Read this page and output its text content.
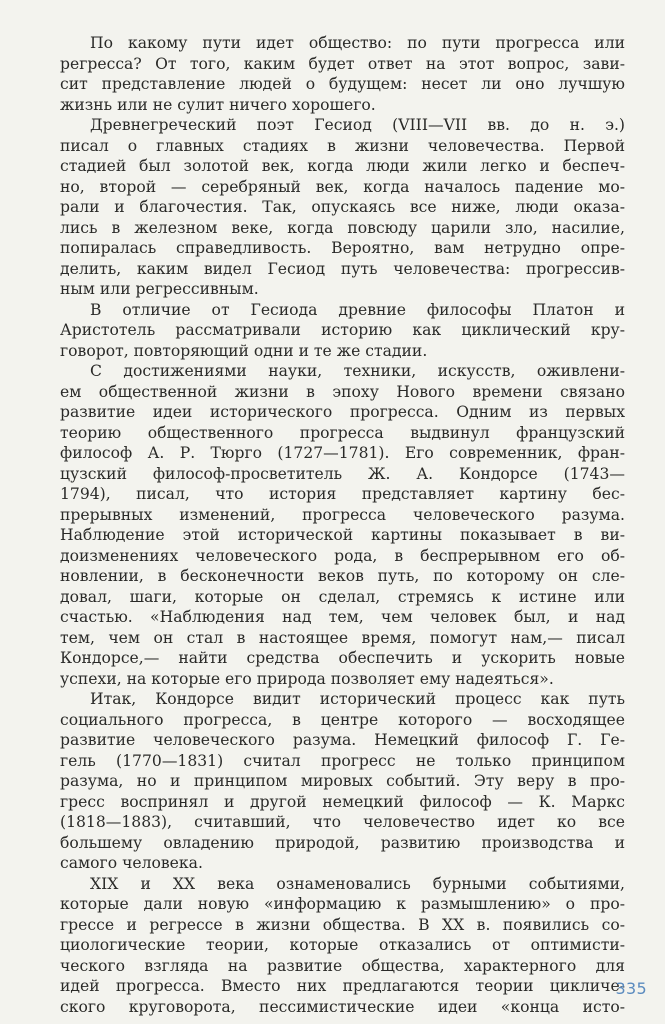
По какому пути идет общество: по пути прогресса или
регресса? От того, каким будет ответ на этот вопрос, зави-
сит представление людей о будущем: несет ли оно лучшую
жизнь или не сулит ничего хорошего.
Древнегреческий поэт Гесиод (VIII—VII вв. до н. э.)
писал о главных стадиях в жизни человечества. Первой
стадией был золотой век, когда люди жили легко и беспеч-
но, второй — серебряный век, когда началось падение мо-
рали и благочестия. Так, опускаясь все ниже, люди оказа-
лись в железном веке, когда повсюду царили зло, насилие,
попиралась справедливость. Вероятно, вам нетрудно опре-
делить, каким видел Гесиод путь человечества: прогрессив-
ным или регрессивным.
В отличие от Гесиода древние философы Платон и
Аристотель рассматривали историю как циклический кру-
говорот, повторяющий одни и те же стадии.
С достижениями науки, техники, искусств, оживлени-
ем общественной жизни в эпоху Нового времени связано
развитие идеи исторического прогресса. Одним из первых
теорию общественного прогресса выдвинул французский
философ А. Р. Тюрго (1727—1781). Его современник, фран-
цузский философ-просветитель Ж. А. Кондорсе (1743—
1794), писал, что история представляет картину бес-
прерывных изменений, прогресса человеческого разума.
Наблюдение этой исторической картины показывает в ви-
доизменениях человеческого рода, в беспрерывном его об-
новлении, в бесконечности веков путь, по которому он сле-
довал, шаги, которые он сделал, стремясь к истине или
счастью. «Наблюдения над тем, чем человек был, и над
тем, чем он стал в настоящее время, помогут нам,— писал
Кондорсе,— найти средства обеспечить и ускорить новые
успехи, на которые его природа позволяет ему надеяться».
Итак, Кондорсе видит исторический процесс как путь
социального прогресса, в центре которого — восходящее
развитие человеческого разума. Немецкий философ Г. Ге-
гель (1770—1831) считал прогресс не только принципом
разума, но и принципом мировых событий. Эту веру в про-
гресс воспринял и другой немецкий философ — К. Маркс
(1818—1883), считавший, что человечество идет ко все
большему овладению природой, развитию производства и
самого человека.
XIX и XX века ознаменовались бурными событиями,
которые дали новую «информацию к размышлению» о про-
грессе и регрессе в жизни общества. В XX в. появились со-
циологические теории, которые отказались от оптимисти-
ческого взгляда на развитие общества, характерного для
идей прогресса. Вместо них предлагаются теории цикличе-
ского круговорота, пессимистические идеи «конца исто-
335
